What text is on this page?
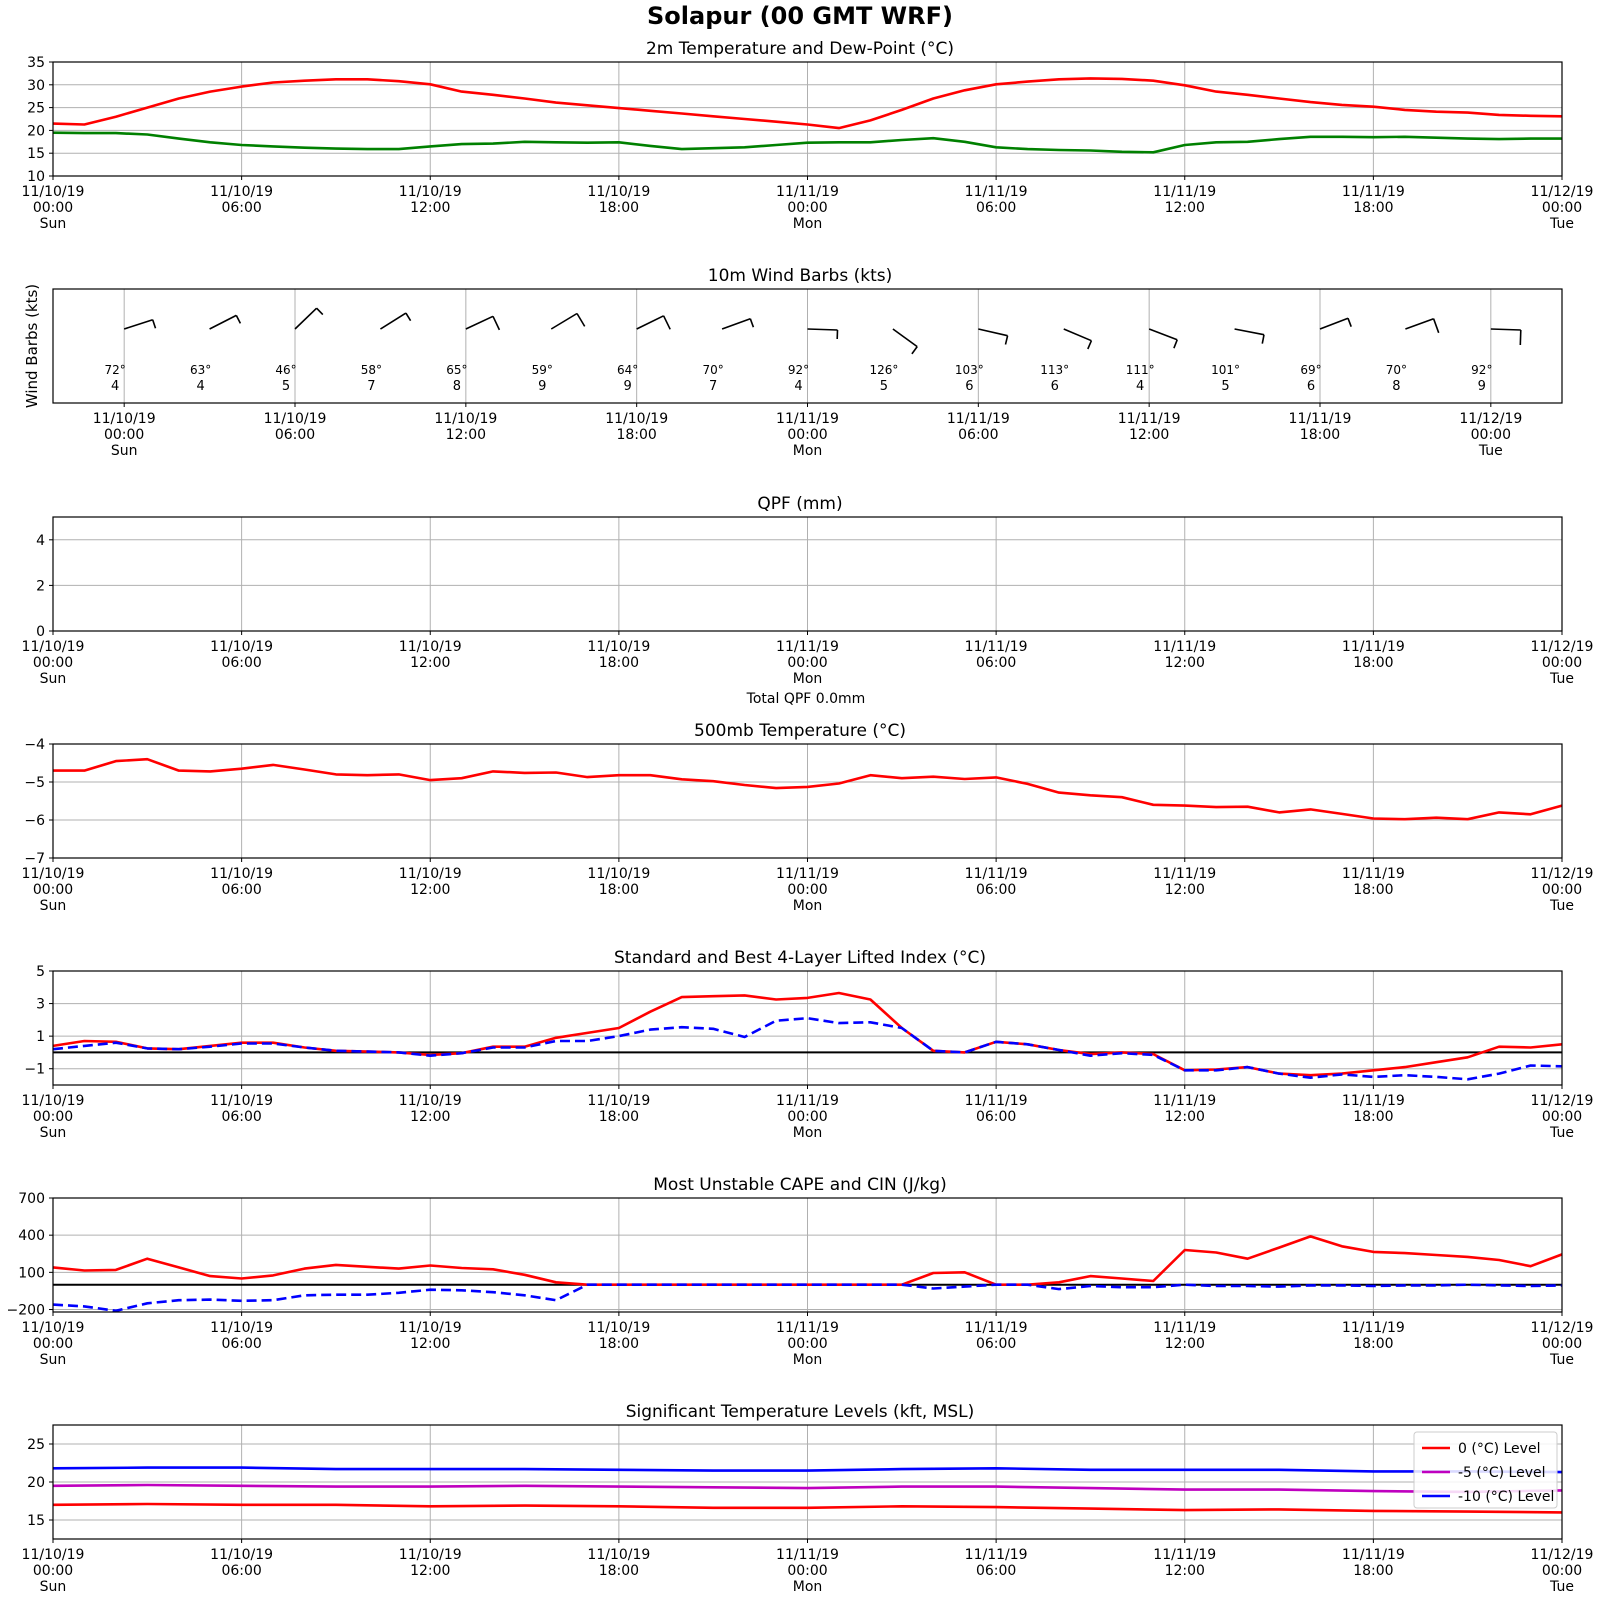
Solapur (00 GMT WRF)
2m Temperature and Dew-Point (°C)
10
15
20
25
30
35
11/10/19
00:00
Sun
11/10/19
06:00
11/10/19
12:00
11/10/19
18:00
11/11/19
00:00
Mon
11/11/19
06:00
11/11/19
12:00
11/11/19
18:00
11/12/19
00:00
Tue
10m Wind Barbs (kts)
Wind Barbs (kts)	72°
4
63°
4
46°
5
58°
7
65°
8
59°
9
64°
9
70°
7
92°
4
126°
5
103°
6
113°
6
111°
4
101°
5
69°
6
70°
8
92°
9
11/10/19
00:00
Sun
11/10/19
06:00
11/10/19
12:00
11/10/19
18:00
11/11/19
00:00
Mon
11/11/19
06:00
11/11/19
12:00
11/11/19
18:00
11/12/19
00:00
Tue
QPF (mm)
0
2
4
Total QPF 0.0mm
11/10/19
00:00
Sun
11/10/19
06:00
11/10/19
12:00
11/10/19
18:00
11/11/19
00:00
Mon
11/11/19
06:00
11/11/19
12:00
11/11/19
18:00
11/12/19
00:00
Tue
500mb Temperature (°C)
−7
−6
−5
−4
11/10/19
00:00
Sun
11/10/19
06:00
11/10/19
12:00
11/10/19
18:00
11/11/19
00:00
Mon
11/11/19
06:00
11/11/19
12:00
11/11/19
18:00
11/12/19
00:00
Tue
Standard and Best 4-Layer Lifted Index (°C)
−1
1
3
5
11/10/19
00:00
Sun
11/10/19
06:00
11/10/19
12:00
11/10/19
18:00
11/11/19
00:00
Mon
11/11/19
06:00
11/11/19
12:00
11/11/19
18:00
11/12/19
00:00
Tue
Most Unstable CAPE and CIN (J/kg)
−200
100
400
700
11/10/19
00:00
Sun
11/10/19
06:00
11/10/19
12:00
11/10/19
18:00
11/11/19
00:00
Mon
11/11/19
06:00
11/11/19
12:00
11/11/19
18:00
11/12/19
00:00
Tue
Significant Temperature Levels (kft, MSL)
15
20
25	0 (°C) Level
-5 (°C) Level
-10 (°C) Level
11/10/19
00:00
Sun
11/10/19
06:00
11/10/19
12:00
11/10/19
18:00
11/11/19
00:00
Mon
11/11/19
06:00
11/11/19
12:00
11/11/19
18:00
11/12/19
00:00
Tue
